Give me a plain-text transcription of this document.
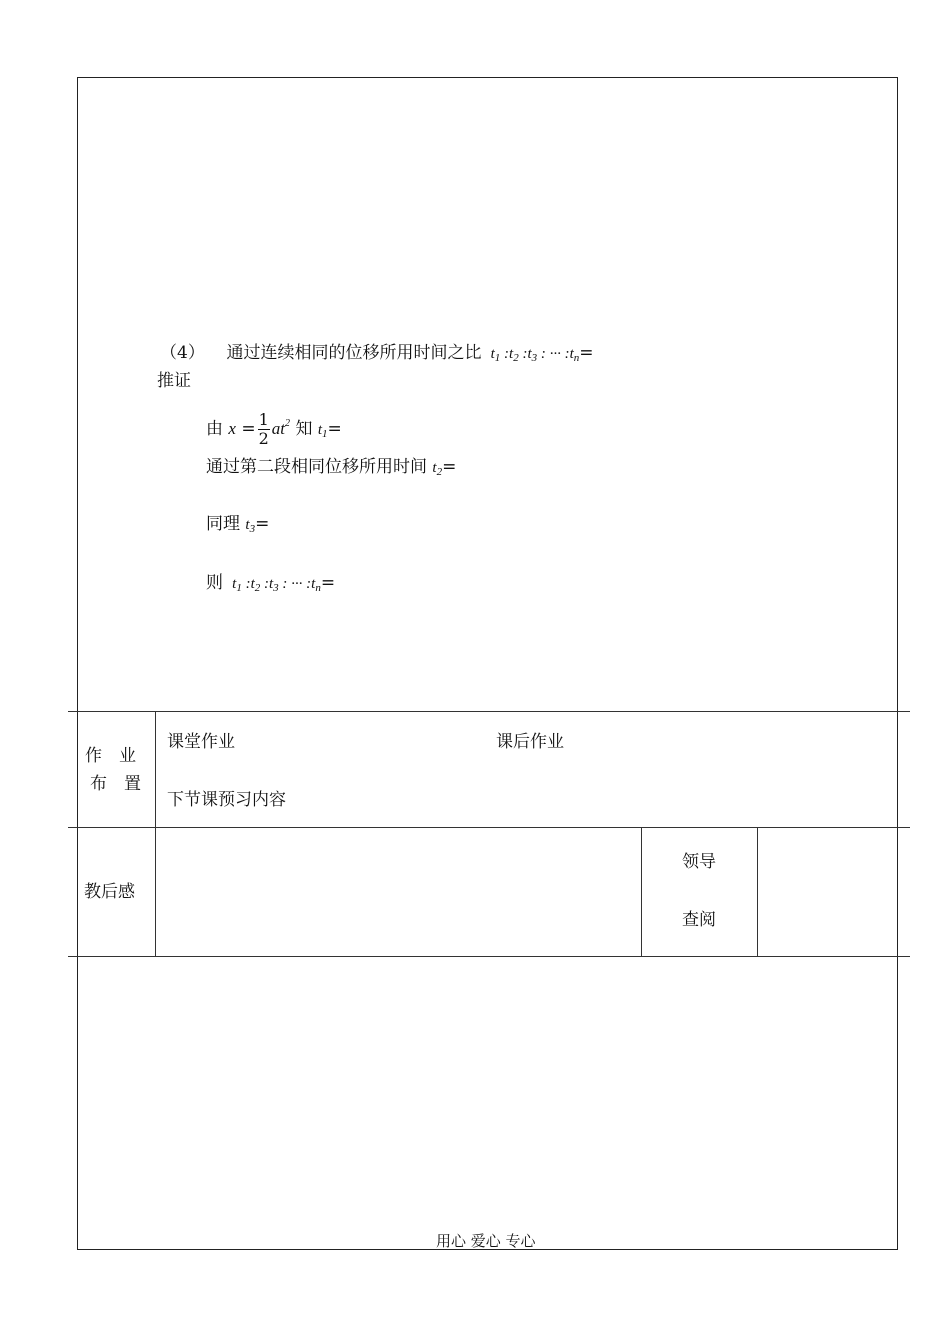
（4） 通过连续相同的位移所用时间之比  $t_1$ $:t_2$ $:t_3$ : ··· $:t_n=$
推证
由 $x = \frac{1}{2} at^2$ 知 $t_1=$
通过第二段相同位移所用时间 $t_2=$
同理 $t_3=$
则  $t_1$ $:t_2$ $:t_3$ : ··· $:t_n=$
作　业
布　置
课堂作业	课后作业
下节课预习内容
教后感
领导
查阅
用心 爱心 专心
